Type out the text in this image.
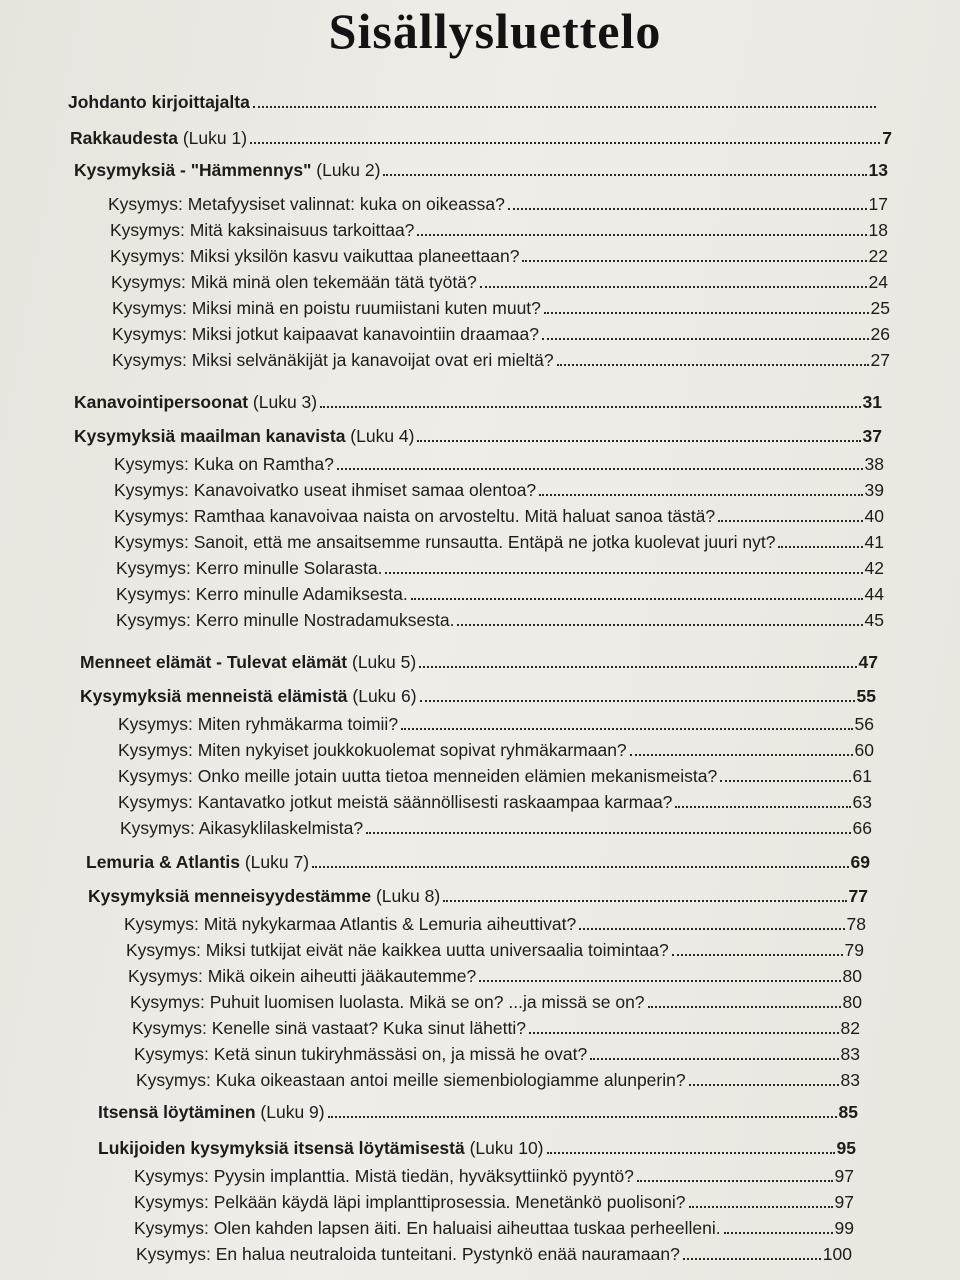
Sisällysluettelo
Johdanto kirjoittajalta
Rakkaudesta (Luku 1)	7
Kysymyksiä - "Hämmennys" (Luku 2)	13
Kysymys: Metafyysiset valinnat: kuka on oikeassa?	17
Kysymys: Mitä kaksinaisuus tarkoittaa?	18
Kysymys: Miksi yksilön kasvu vaikuttaa planeettaan?	22
Kysymys: Mikä minä olen tekemään tätä työtä?	24
Kysymys: Miksi minä en poistu ruumiistani kuten muut?	25
Kysymys: Miksi jotkut kaipaavat kanavointiin draamaa?	26
Kysymys: Miksi selvänäkijät ja kanavoijat ovat eri mieltä?	27
Kanavointipersoonat (Luku 3)	31
Kysymyksiä maailman kanavista (Luku 4)	37
Kysymys: Kuka on Ramtha?	38
Kysymys: Kanavoivatko useat ihmiset samaa olentoa?	39
Kysymys: Ramthaa kanavoivaa naista on arvosteltu. Mitä haluat sanoa tästä?	40
Kysymys: Sanoit, että me ansaitsemme runsautta. Entäpä ne jotka kuolevat juuri nyt?	41
Kysymys: Kerro minulle Solarasta.	42
Kysymys: Kerro minulle Adamiksesta.	44
Kysymys: Kerro minulle Nostradamuksesta.	45
Menneet elämät - Tulevat elämät (Luku 5)	47
Kysymyksiä menneistä elämistä (Luku 6)	55
Kysymys: Miten ryhmäkarma toimii?	56
Kysymys: Miten nykyiset joukkokuolemat sopivat ryhmäkarmaan?	60
Kysymys: Onko meille jotain uutta tietoa menneiden elämien mekanismeista?	61
Kysymys: Kantavatko jotkut meistä säännöllisesti raskaampaa karmaa?	63
Kysymys: Aikasyklilaskelmista?	66
Lemuria & Atlantis (Luku 7)	69
Kysymyksiä menneisyydestämme (Luku 8)	77
Kysymys: Mitä nykykarmaa Atlantis & Lemuria aiheuttivat?	78
Kysymys: Miksi tutkijat eivät näe kaikkea uutta universaalia toimintaa?	79
Kysymys: Mikä oikein aiheutti jääkautemme?	80
Kysymys: Puhuit luomisen luolasta. Mikä se on? ...ja missä se on?	80
Kysymys: Kenelle sinä vastaat? Kuka sinut lähetti?	82
Kysymys: Ketä sinun tukiryhmässäsi on, ja missä he ovat?	83
Kysymys: Kuka oikeastaan antoi meille siemenbiologiamme alunperin?	83
Itsensä löytäminen (Luku 9)	85
Lukijoiden kysymyksiä itsensä löytämisestä (Luku 10)	95
Kysymys: Pyysin implanttia. Mistä tiedän, hyväksyttiinkö pyyntö?	97
Kysymys: Pelkään käydä läpi implanttiprosessia. Menetänkö puolisoni?	97
Kysymys: Olen kahden lapsen äiti. En haluaisi aiheuttaa tuskaa perheelleni.	99
Kysymys: En halua neutraloida tunteitani. Pystynkö enää nauramaan?	100
